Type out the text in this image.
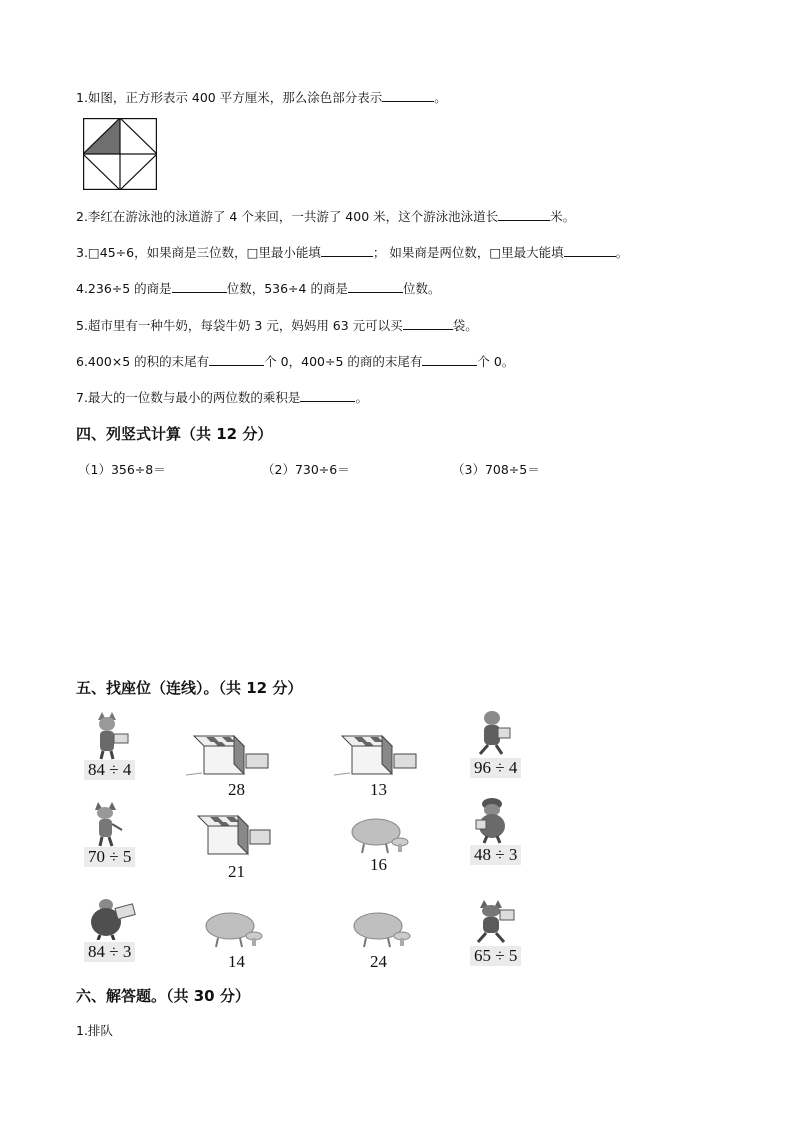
1.如图，正方形表示 400 平方厘米，那么涂色部分表示	。
2.李红在游泳池的泳道游了 4 个来回，一共游了 400 米，这个游泳池泳道长	米。
3.□45÷6，如果商是三位数，□里最小能填	； 如果商是两位数，□里最大能填	。
4.236÷5 的商是	位数，536÷4 的商是	位数。
5.超市里有一种牛奶，每袋牛奶 3 元，妈妈用 63 元可以买	袋。
6.400×5 的积的末尾有	个 0，400÷5 的商的末尾有	个 0。
7.最大的一位数与最小的两位数的乘积是	。
四、列竖式计算（共 12 分）
（1）356÷8＝	（2）730÷6＝	（3）708÷5＝
五、找座位（连线）。（共 12 分）
84 ÷ 4
28	13
96 ÷ 4
70 ÷ 5
21	16
48 ÷ 3
84 ÷ 3
14	24	65 ÷ 5
六、解答题。（共 30 分）
1.排队
